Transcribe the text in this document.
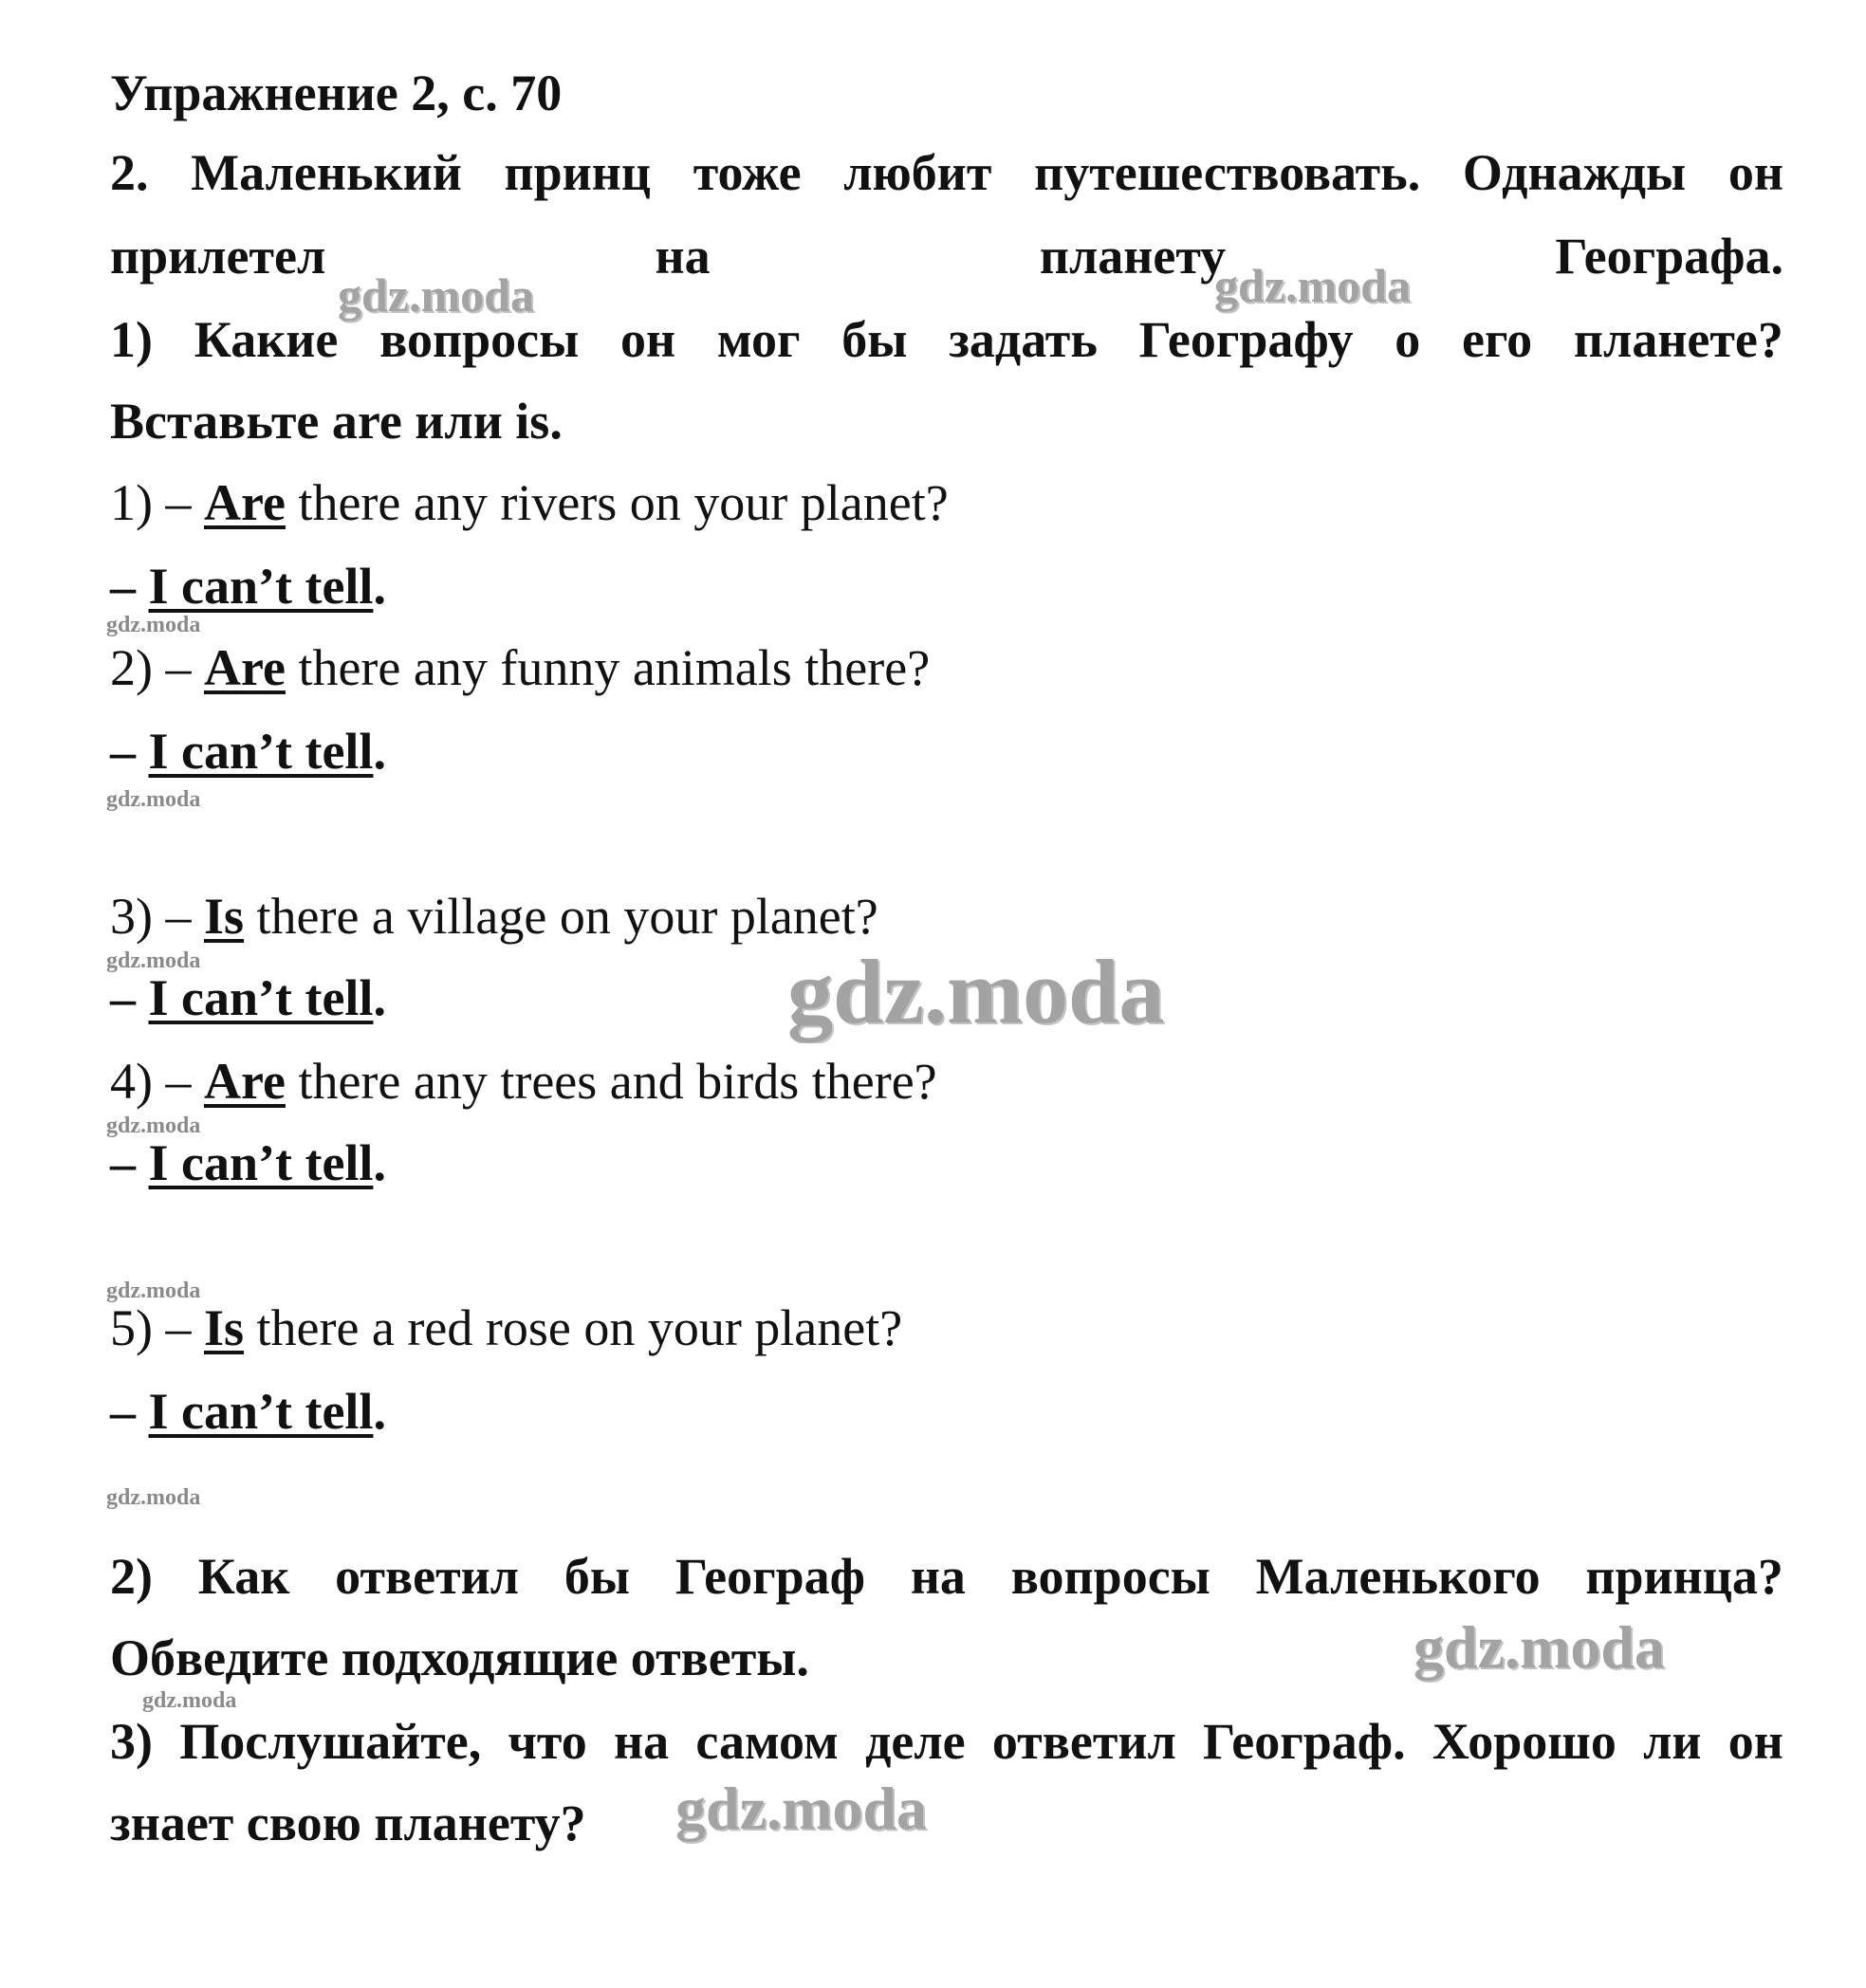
Упражнение 2, с. 70
2. Маленький принц тоже любит путешествовать. Однажды он
прилетел	на	планету	Географа.
1) Какие вопросы он мог бы задать Географу о его планете?
Вставьте are или is.
1) – Are there any rivers on your planet?
– I can’t tell.
2) – Are there any funny animals there?
– I can’t tell.
3) – Is there a village on your planet?
– I can’t tell.
4) – Are there any trees and birds there?
– I can’t tell.
5) – Is there a red rose on your planet?
– I can’t tell.
2) Как ответил бы Географ на вопросы Маленького принца?
Обведите подходящие ответы.
3) Послушайте, что на самом деле ответил Географ. Хорошо ли он
знает свою планету?
gdz.moda	gdz.moda
gdz.moda
gdz.moda
gdz.moda	gdz.moda
gdz.moda
gdz.moda
gdz.moda
gdz.moda
gdz.moda
gdz.moda
